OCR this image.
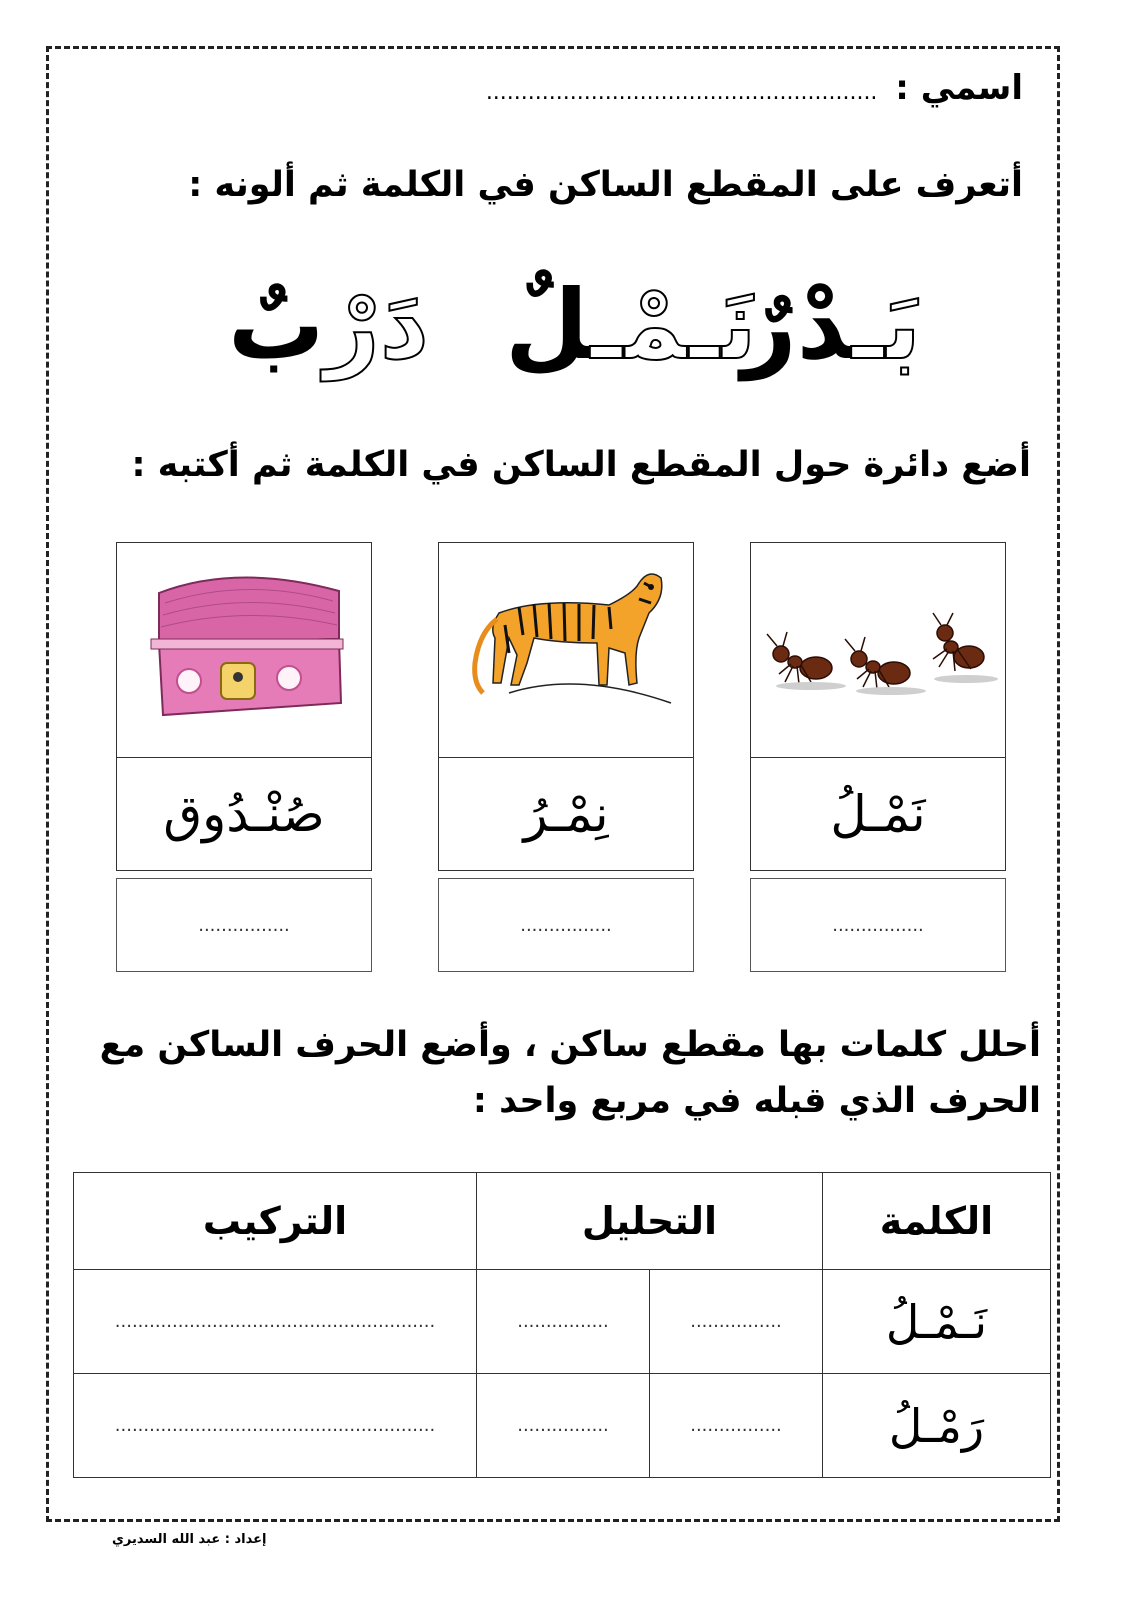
اسمي : ........................................................
أتعرف على المقطع الساكن في الكلمة ثم ألونه :
بَـدْرٌ
نَـمْـلٌ
دَرْبٌ
أضع دائرة حول المقطع الساكن في الكلمة ثم أكتبه :
نَمْـلُ
................
نِمْـرُ
................
صُنْـدُوق
................
أحلل كلمات بها مقطع ساكن ، وأضع الحرف الساكن مع الحرف الذي قبله في مربع واحد :
الكلمة	التحليل		التركيب
نَـمْـلُ	................	................	........................................................
رَمْـلُ	................	................	........................................................
إعداد : عبد الله السديري
